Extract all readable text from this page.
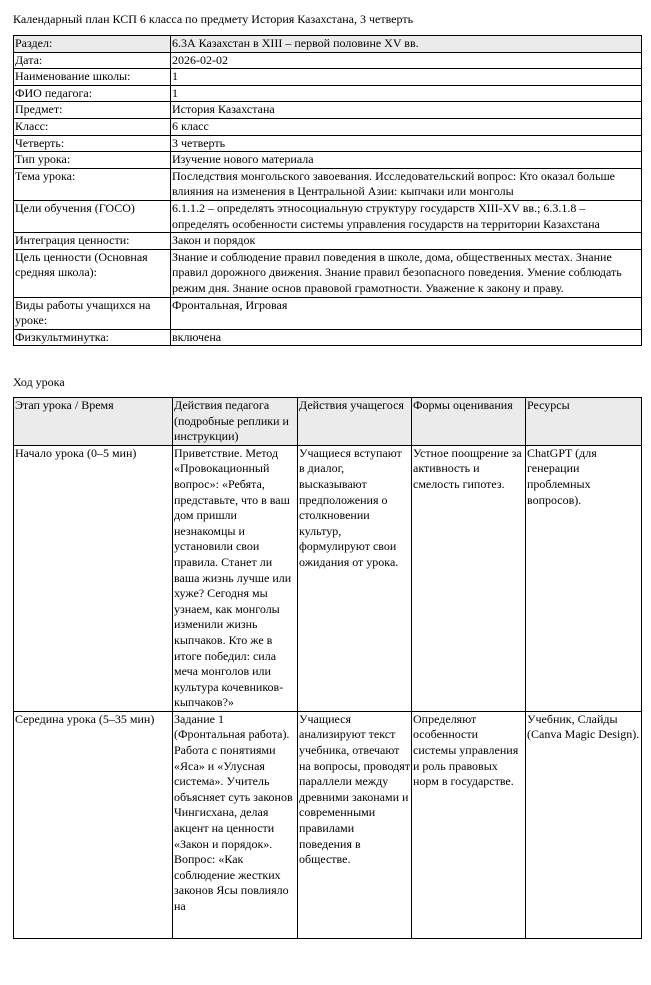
Календарный план КСП 6 класса по предмету История Казахстана, 3 четверть
Раздел:	6.3А Казахстан в XIII – первой половине XV вв.
Дата:	2026-02-02
Наименование школы:	1
ФИО педагога:	1
Предмет:	История Казахстана
Класс:	6 класс
Четверть:	3 четверть
Тип урока:	Изучение нового материала
Тема урока:	Последствия монгольского завоевания. Исследовательский вопрос: Кто оказал больше влияния на изменения в Центральной Азии: кыпчаки или монголы
Цели обучения (ГОСО)	6.1.1.2 – определять этносоциальную структуру государств XIII-XV вв.; 6.3.1.8 – определять особенности системы управления государств на территории Казахстана
Интеграция ценности:	Закон и порядок
Цель ценности (Основная средняя школа):	Знание и соблюдение правил поведения в школе, дома, общественных местах. Знание правил дорожного движения. Знание правил безопасного поведения. Умение соблюдать режим дня. Знание основ правовой грамотности. Уважение к закону и праву.
Виды работы учащихся на уроке:	Фронтальная, Игровая
Физкультминутка:	включена
Ход урока
Этап урока / Время	Действия педагога (подробные реплики и инструкции)	Действия учащегося	Формы оценивания	Ресурсы
Начало урока (0–5 мин)	Приветствие. Метод «Провокационный вопрос»: «Ребята, представьте, что в ваш дом пришли незнакомцы и установили свои правила. Станет ли ваша жизнь лучше или хуже? Сегодня мы узнаем, как монголы изменили жизнь кыпчаков. Кто же в итоге победил: сила меча монголов или культура кочевников-кыпчаков?»	Учащиеся вступают в диалог, высказывают предположения о столкновении культур, формулируют свои ожидания от урока.	Устное поощрение за активность и смелость гипотез.	ChatGPT (для генерации проблемных вопросов).
Середина урока (5–35 мин)	Задание 1 (Фронтальная работа). Работа с понятиями «Яса» и «Улусная система». Учитель объясняет суть законов Чингисхана, делая акцент на ценности «Закон и порядок». Вопрос: «Как соблюдение жестких законов Ясы повлияло на	Учащиеся анализируют текст учебника, отвечают на вопросы, проводят параллели между древними законами и современными правилами поведения в обществе.	Определяют особенности системы управления и роль правовых норм в государстве.	Учебник, Слайды (Canva Magic Design).
